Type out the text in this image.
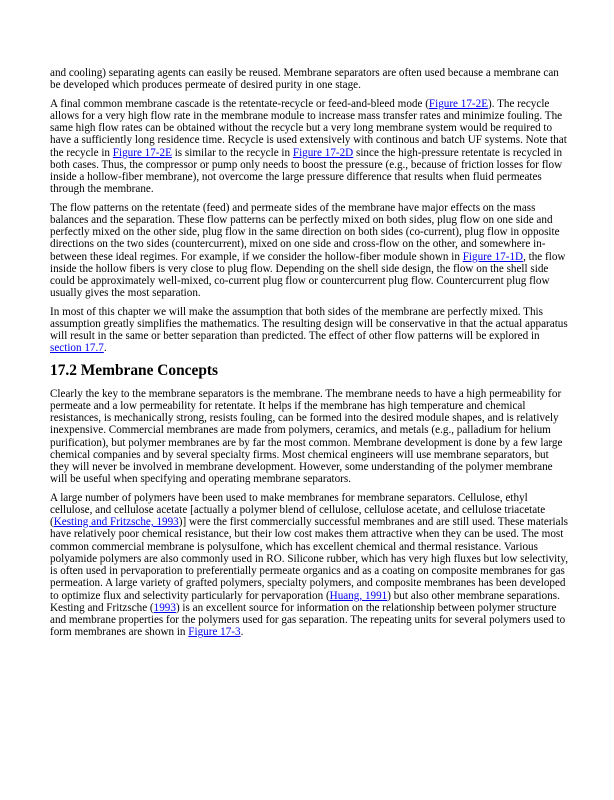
and cooling) separating agents can easily be reused. Membrane separators are often used because a membrane can be developed which produces permeate of desired purity in one stage.

A final common membrane cascade is the retentate-recycle or feed-and-bleed mode (Figure 17-2E). The recycle allows for a very high flow rate in the membrane module to increase mass transfer rates and minimize fouling. The same high flow rates can be obtained without the recycle but a very long membrane system would be required to have a sufficiently long residence time. Recycle is used extensively with continous and batch UF systems. Note that the recycle in Figure 17-2E is similar to the recycle in Figure 17-2D since the high-pressure retentate is recycled in both cases. Thus, the compressor or pump only needs to boost the pressure (e.g., because of friction losses for flow inside a hollow-fiber membrane), not overcome the large pressure difference that results when fluid permeates through the membrane.

The flow patterns on the retentate (feed) and permeate sides of the membrane have major effects on the mass balances and the separation. These flow patterns can be perfectly mixed on both sides, plug flow on one side and perfectly mixed on the other side, plug flow in the same direction on both sides (co-current), plug flow in opposite directions on the two sides (countercurrent), mixed on one side and cross-flow on the other, and somewhere in-between these ideal regimes. For example, if we consider the hollow-fiber module shown in Figure 17-1D, the flow inside the hollow fibers is very close to plug flow. Depending on the shell side design, the flow on the shell side could be approximately well-mixed, co-current plug flow or countercurrent plug flow. Countercurrent plug flow usually gives the most separation.

In most of this chapter we will make the assumption that both sides of the membrane are perfectly mixed. This assumption greatly simplifies the mathematics. The resulting design will be conservative in that the actual apparatus will result in the same or better separation than predicted. The effect of other flow patterns will be explored in section 17.7.

17.2 Membrane Concepts

Clearly the key to the membrane separators is the membrane. The membrane needs to have a high permeability for permeate and a low permeability for retentate. It helps if the membrane has high temperature and chemical resistances, is mechanically strong, resists fouling, can be formed into the desired module shapes, and is relatively inexpensive. Commercial membranes are made from polymers, ceramics, and metals (e.g., palladium for helium purification), but polymer membranes are by far the most common. Membrane development is done by a few large chemical companies and by several specialty firms. Most chemical engineers will use membrane separators, but they will never be involved in membrane development. However, some understanding of the polymer membrane will be useful when specifying and operating membrane separators.

A large number of polymers have been used to make membranes for membrane separators. Cellulose, ethyl cellulose, and cellulose acetate [actually a polymer blend of cellulose, cellulose acetate, and cellulose triacetate (Kesting and Fritzsche, 1993)] were the first commercially successful membranes and are still used. These materials have relatively poor chemical resistance, but their low cost makes them attractive when they can be used. The most common commercial membrane is polysulfone, which has excellent chemical and thermal resistance. Various polyamide polymers are also commonly used in RO. Silicone rubber, which has very high fluxes but low selectivity, is often used in pervaporation to preferentially permeate organics and as a coating on composite membranes for gas permeation. A large variety of grafted polymers, specialty polymers, and composite membranes has been developed to optimize flux and selectivity particularly for pervaporation (Huang, 1991) but also other membrane separations. Kesting and Fritzsche (1993) is an excellent source for information on the relationship between polymer structure and membrane properties for the polymers used for gas separation. The repeating units for several polymers used to form membranes are shown in Figure 17-3.
